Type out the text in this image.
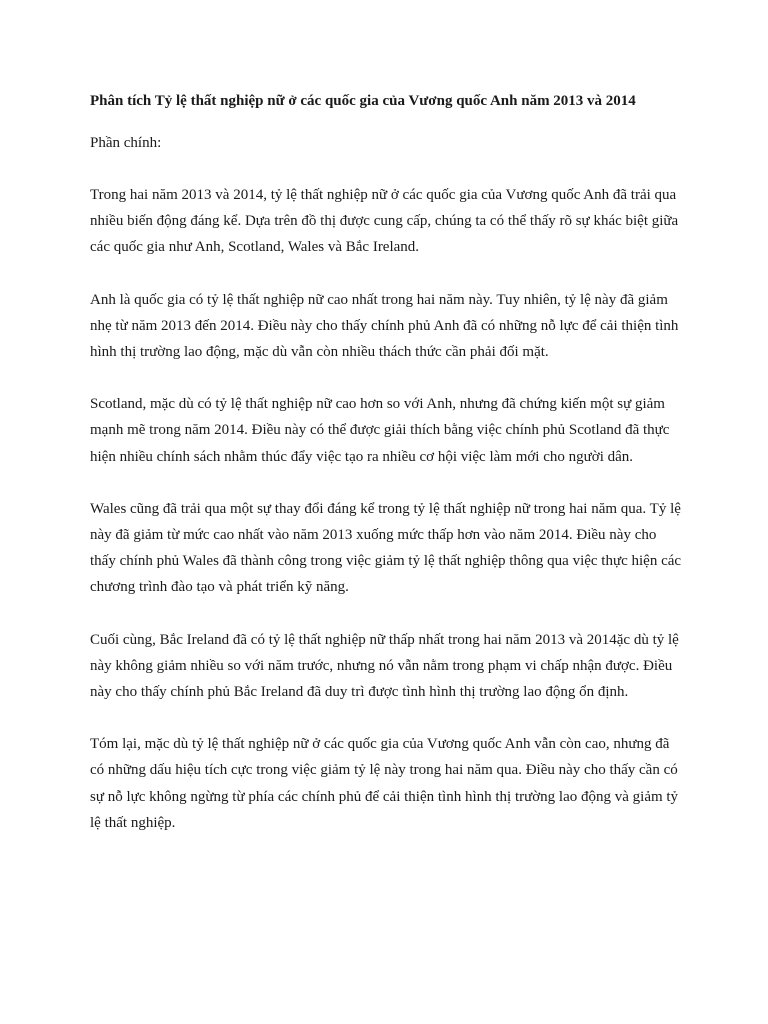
Phân tích Tỷ lệ thất nghiệp nữ ở các quốc gia của Vương quốc Anh năm 2013 và 2014

Phần chính:

Trong hai năm 2013 và 2014, tỷ lệ thất nghiệp nữ ở các quốc gia của Vương quốc Anh đã trải qua nhiều biến động đáng kể. Dựa trên đồ thị được cung cấp, chúng ta có thể thấy rõ sự khác biệt giữa các quốc gia như Anh, Scotland, Wales và Bắc Ireland.

Anh là quốc gia có tỷ lệ thất nghiệp nữ cao nhất trong hai năm này. Tuy nhiên, tỷ lệ này đã giảm nhẹ từ năm 2013 đến 2014. Điều này cho thấy chính phủ Anh đã có những nỗ lực để cải thiện tình hình thị trường lao động, mặc dù vẫn còn nhiều thách thức cần phải đối mặt.

Scotland, mặc dù có tỷ lệ thất nghiệp nữ cao hơn so với Anh, nhưng đã chứng kiến một sự giảm mạnh mẽ trong năm 2014. Điều này có thể được giải thích bằng việc chính phủ Scotland đã thực hiện nhiều chính sách nhằm thúc đẩy việc tạo ra nhiều cơ hội việc làm mới cho người dân.

Wales cũng đã trải qua một sự thay đổi đáng kể trong tỷ lệ thất nghiệp nữ trong hai năm qua. Tỷ lệ này đã giảm từ mức cao nhất vào năm 2013 xuống mức thấp hơn vào năm 2014. Điều này cho thấy chính phủ Wales đã thành công trong việc giảm tỷ lệ thất nghiệp thông qua việc thực hiện các chương trình đào tạo và phát triển kỹ năng.

Cuối cùng, Bắc Ireland đã có tỷ lệ thất nghiệp nữ thấp nhất trong hai năm 2013 và 2014ặc dù tỷ lệ này không giảm nhiều so với năm trước, nhưng nó vẫn nằm trong phạm vi chấp nhận được. Điều này cho thấy chính phủ Bắc Ireland đã duy trì được tình hình thị trường lao động ổn định.

Tóm lại, mặc dù tỷ lệ thất nghiệp nữ ở các quốc gia của Vương quốc Anh vẫn còn cao, nhưng đã có những dấu hiệu tích cực trong việc giảm tỷ lệ này trong hai năm qua. Điều này cho thấy cần có sự nỗ lực không ngừng từ phía các chính phủ để cải thiện tình hình thị trường lao động và giảm tỷ lệ thất nghiệp.
